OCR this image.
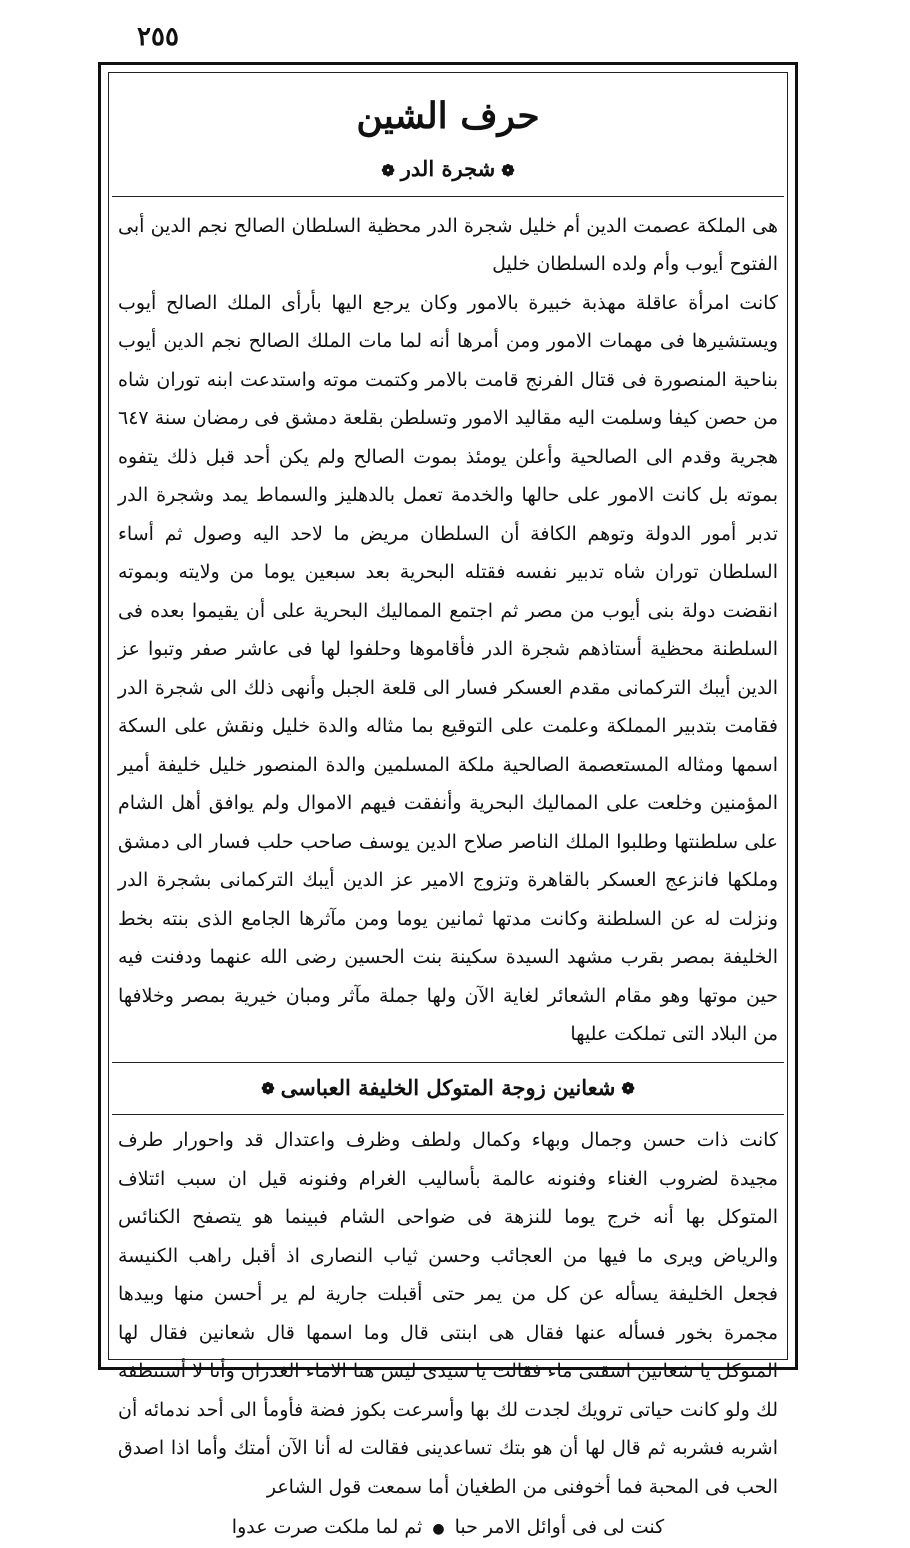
٢٥٥
حرف الشين
❁شجرة الدر❁

هى الملكة عصمت الدين أم خليل شجرة الدر محظية السلطان الصالح نجم الدين أبى الفتوح أيوب وأم ولده السلطان خليل

كانت امرأة عاقلة مهذبة خبيرة بالامور وكان يرجع اليها بأرأى الملك الصالح أيوب ويستشيرها فى مهمات الامور ومن أمرها أنه لما مات الملك الصالح نجم الدين أيوب بناحية المنصورة فى قتال الفرنج قامت بالامر وكتمت موته واستدعت ابنه توران شاه من حصن كيفا وسلمت اليه مقاليد الامور وتسلطن بقلعة دمشق فى رمضان سنة ٦٤٧ هجرية وقدم الى الصالحية وأعلن يومئذ بموت الصالح ولم يكن أحد قبل ذلك يتفوه بموته بل كانت الامور على حالها والخدمة تعمل بالدهليز والسماط يمد وشجرة الدر تدبر أمور الدولة وتوهم الكافة أن السلطان مريض ما لاحد اليه وصول ثم أساء السلطان توران شاه تدبير نفسه فقتله البحرية بعد سبعين يوما من ولايته وبموته انقضت دولة بنى أيوب من مصر ثم اجتمع المماليك البحرية على أن يقيموا بعده فى السلطنة محظية أستاذهم شجرة الدر فأقاموها وحلفوا لها فى عاشر صفر وتبوا عز الدين أيبك التركمانى مقدم العسكر فسار الى قلعة الجبل وأنهى ذلك الى شجرة الدر فقامت بتدبير المملكة وعلمت على التوقيع بما مثاله والدة خليل ونقش على السكة اسمها ومثاله المستعصمة الصالحية ملكة المسلمين والدة المنصور خليل خليفة أمير المؤمنين وخلعت على المماليك البحرية وأنفقت فيهم الاموال ولم يوافق أهل الشام على سلطنتها وطلبوا الملك الناصر صلاح الدين يوسف صاحب حلب فسار الى دمشق وملكها فانزعج العسكر بالقاهرة وتزوج الامير عز الدين أيبك التركمانى بشجرة الدر ونزلت له عن السلطنة وكانت مدتها ثمانين يوما ومن مآثرها الجامع الذى بنته بخط الخليفة بمصر بقرب مشهد السيدة سكينة بنت الحسين رضى الله عنهما ودفنت فيه حين موتها وهو مقام الشعائر لغاية الآن ولها جملة مآثر ومبان خيرية بمصر وخلافها من البلاد التى تملكت عليها

❁شعانين زوجة المتوكل الخليفة العباسى❁

كانت ذات حسن وجمال وبهاء وكمال ولطف وظرف واعتدال قد واحورار طرف مجيدة لضروب الغناء وفنونه عالمة بأساليب الغرام وفنونه قيل ان سبب ائتلاف المتوكل بها أنه خرج يوما للنزهة فى ضواحى الشام فبينما هو يتصفح الكنائس والرياض ويرى ما فيها من العجائب وحسن ثياب النصارى اذ أقبل راهب الكنيسة فجعل الخليفة يسأله عن كل من يمر حتى أقبلت جارية لم ير أحسن منها وبيدها مجمرة بخور فسأله عنها فقال هى ابنتى قال وما اسمها قال شعانين فقال لها المتوكل يا شعانين اسقنى ماء فقالت يا سيدى ليس هنا الاماء الغدران وأنا لا أستنظفه لك ولو كانت حياتى ترويك لجدت لك بها وأسرعت بكوز فضة فأومأ الى أحد ندمائه أن اشربه فشربه ثم قال لها أن هو بتك تساعدينى فقالت له أنا الآن أمتك وأما اذا اصدق الحب فى المحبة فما أخوفنى من الطغيان أما سمعت قول الشاعر

كنت لى فى أوائل الامر حبا●ثم لما ملكت صرت عدوا
